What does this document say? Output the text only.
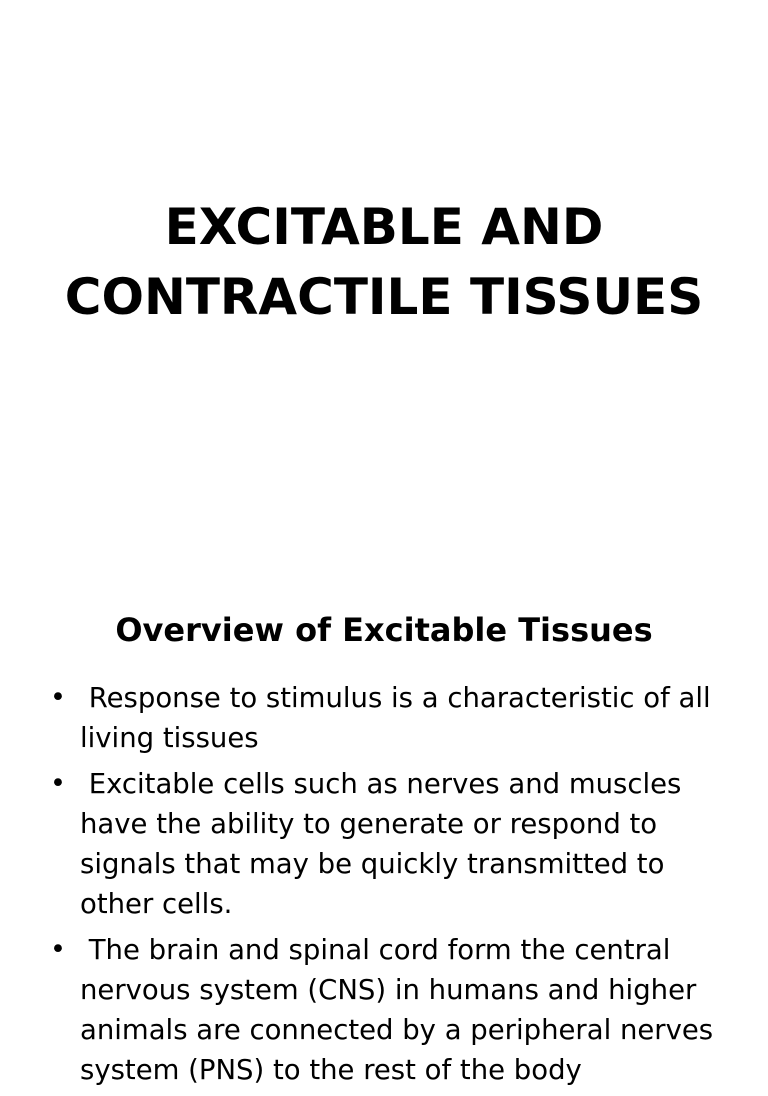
EXCITABLE AND
CONTRACTILE TISSUES
Overview of Excitable Tissues
• Response to stimulus is a characteristic of all living tissues
• Excitable cells such as nerves and muscles have the ability to generate or respond to signals that may be quickly transmitted to other cells.
• The brain and spinal cord form the central nervous system (CNS) in humans and higher animals are connected by a peripheral nerves system (PNS) to the rest of the body
